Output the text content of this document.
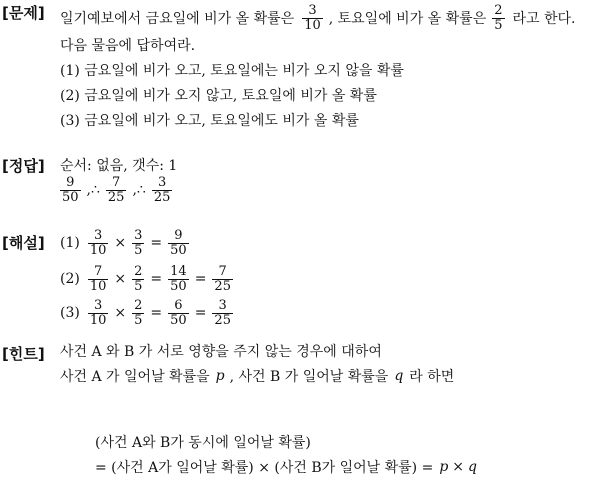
[문제] 일기예보에서 금요일에 비가 올 확률은 $\frac{3}{10}$ , 토요일에 비가 올 확률은 $\frac{2}{5}$ 라고 한다.
다음 물음에 답하여라.
(1) 금요일에 비가 오고, 토요일에는 비가 오지 않을 확률
(2) 금요일에 비가 오지 않고, 토요일에 비가 올 확률
(3) 금요일에 비가 오고, 토요일에도 비가 올 확률
[정답] 순서: 없음, 갯수: 1
$\frac{9}{50}$ ,∴ $\frac{7}{25}$ ,∴ $\frac{3}{25}$
[해설] $(1) \frac{3}{10} \times \frac{3}{5} = \frac{9}{50}$
$(2) \frac{7}{10} \times \frac{2}{5} = \frac{14}{50} = \frac{7}{25}$
$(3) \frac{3}{10} \times \frac{2}{5} = \frac{6}{50} = \frac{3}{25}$
[힌트] 사건 A 와 B 가 서로 영향을 주지 않는 경우에 대하여
사건 A 가 일어날 확률을 p , 사건 B 가 일어날 확률을 q 라 하면
(사건 A와 B가 동시에 일어날 확률)
= (사건 A가 일어날 확률) × (사건 B가 일어날 확률) = p × q
